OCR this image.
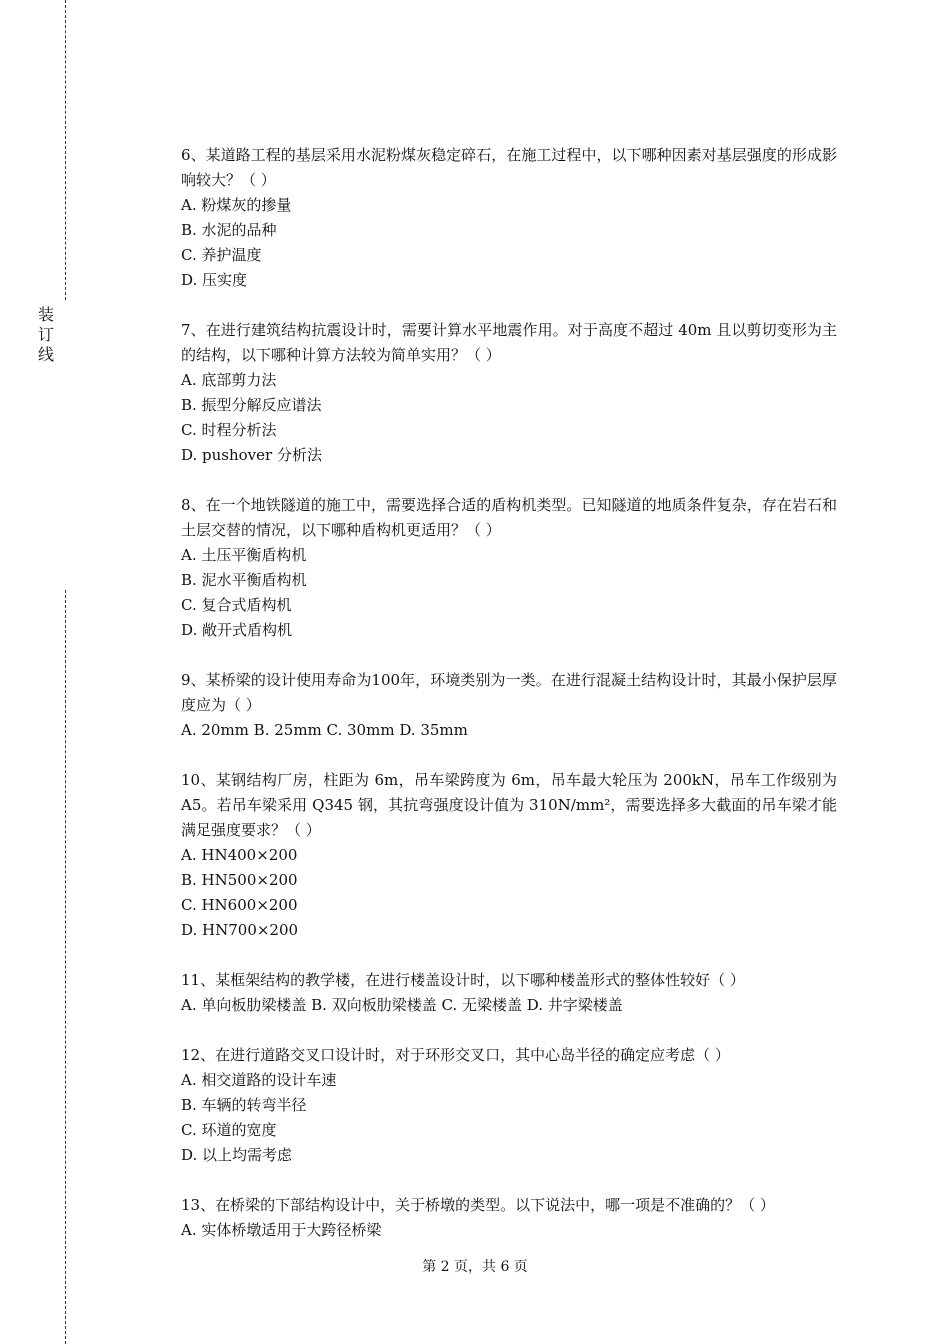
装
订
线
6、某道路工程的基层采用水泥粉煤灰稳定碎石，在施工过程中，以下哪种因素对基层强度的形成影响较大？（ ）
A. 粉煤灰的掺量
B. 水泥的品种
C. 养护温度
D. 压实度
7、在进行建筑结构抗震设计时，需要计算水平地震作用。对于高度不超过 40m 且以剪切变形为主的结构，以下哪种计算方法较为简单实用？（ ）
A. 底部剪力法
B. 振型分解反应谱法
C. 时程分析法
D. pushover 分析法
8、在一个地铁隧道的施工中，需要选择合适的盾构机类型。已知隧道的地质条件复杂，存在岩石和土层交替的情况，以下哪种盾构机更适用？（ ）
A. 土压平衡盾构机
B. 泥水平衡盾构机
C. 复合式盾构机
D. 敞开式盾构机
9、某桥梁的设计使用寿命为100年，环境类别为一类。在进行混凝土结构设计时，其最小保护层厚度应为（ ）
A. 20mm B. 25mm C. 30mm D. 35mm
10、某钢结构厂房，柱距为 6m，吊车梁跨度为 6m，吊车最大轮压为 200kN，吊车工作级别为 A5。若吊车梁采用 Q345 钢，其抗弯强度设计值为 310N/mm²，需要选择多大截面的吊车梁才能满足强度要求？（ ）
A. HN400×200
B. HN500×200
C. HN600×200
D. HN700×200
11、某框架结构的教学楼，在进行楼盖设计时，以下哪种楼盖形式的整体性较好（ ）
A. 单向板肋梁楼盖 B. 双向板肋梁楼盖 C. 无梁楼盖 D. 井字梁楼盖
12、在进行道路交叉口设计时，对于环形交叉口，其中心岛半径的确定应考虑（ ）
A. 相交道路的设计车速
B. 车辆的转弯半径
C. 环道的宽度
D. 以上均需考虑
13、在桥梁的下部结构设计中，关于桥墩的类型。以下说法中，哪一项是不准确的？（ ）
A. 实体桥墩适用于大跨径桥梁
第 2 页，共 6 页
